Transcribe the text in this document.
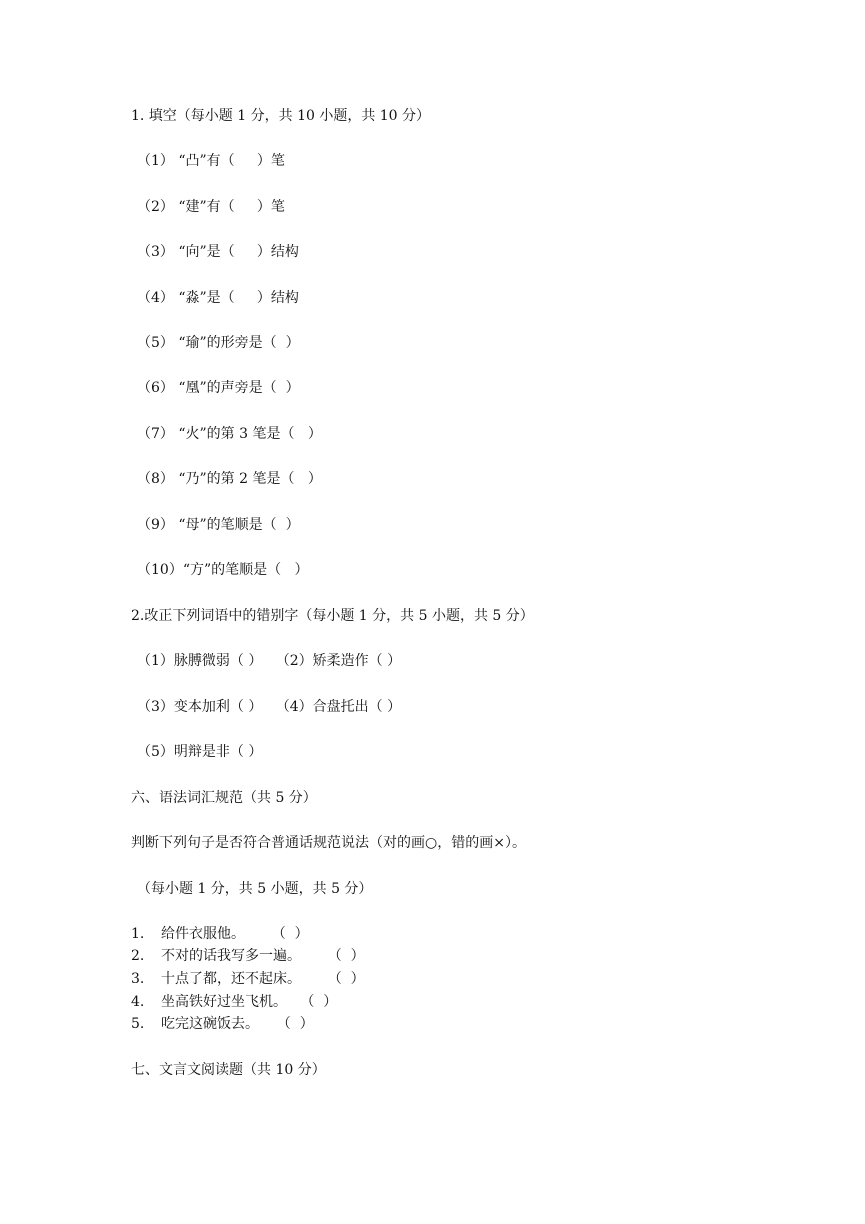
1. 填空（每小题 1 分，共 10 小题，共 10 分）
（1） “凸”有（     ）笔
（2） “建”有（     ）笔
（3） “向”是（     ）结构
（4） “淼”是（     ）结构
（5） “瑜”的形旁是（  ）
（6） “凰”的声旁是（  ）
（7） “火”的第 3 笔是（   ）
（8） “乃”的第 2 笔是（   ）
（9） “母”的笔顺是（  ）
（10）“方”的笔顺是（   ）
2.改正下列词语中的错别字（每小题 1 分，共 5 小题，共 5 分）
（1）脉膊微弱（ ）   （2）矫柔造作（ ）
（3）变本加利（ ）   （4）合盘托出（ ）
（5）明辩是非（ ）
六、语法词汇规范（共 5 分）
判断下列句子是否符合普通话规范说法（对的画○，错的画×）。
（每小题 1 分，共 5 小题，共 5 分）
1. 给件衣服他。      （  ）
2. 不对的话我写多一遍。      （  ）
3. 十点了都，还不起床。      （  ）
4. 坐高铁好过坐飞机。   （  ）
5. 吃完这碗饭去。    （  ）
七、文言文阅读题（共 10 分）
